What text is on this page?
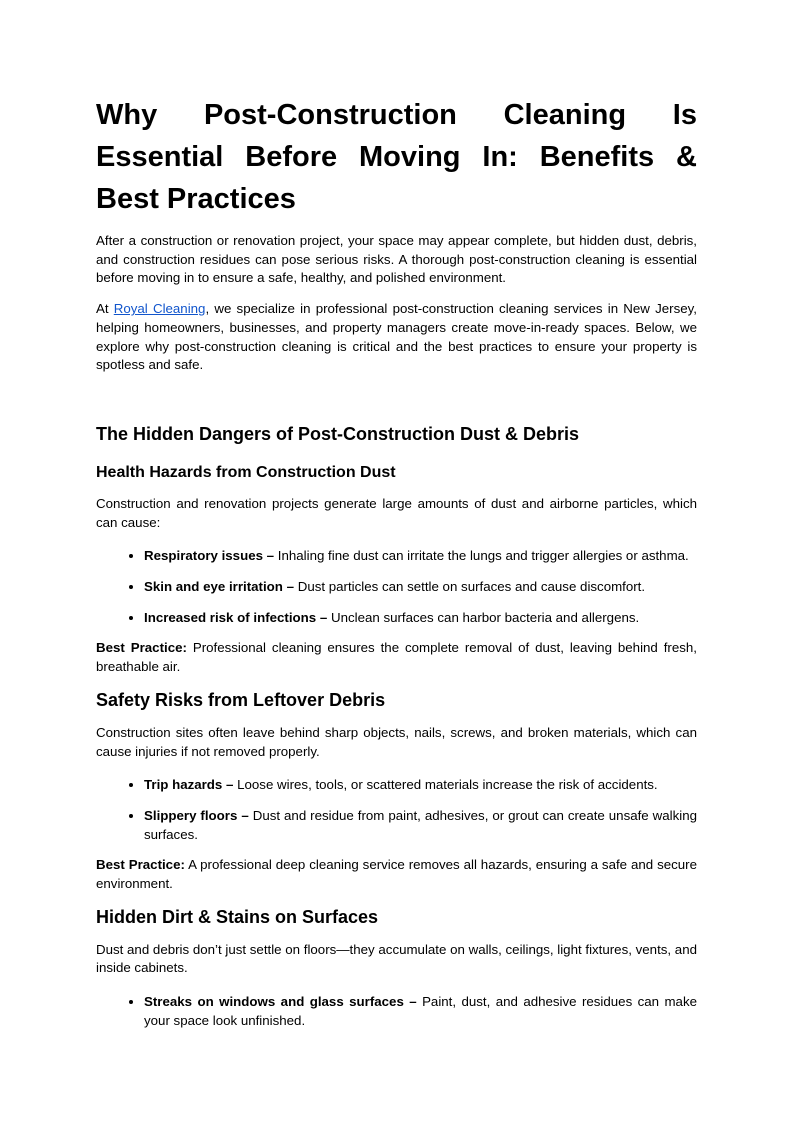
Why Post-Construction Cleaning Is Essential Before Moving In: Benefits & Best Practices

After a construction or renovation project, your space may appear complete, but hidden dust, debris, and construction residues can pose serious risks. A thorough post-construction cleaning is essential before moving in to ensure a safe, healthy, and polished environment.

At Royal Cleaning, we specialize in professional post-construction cleaning services in New Jersey, helping homeowners, businesses, and property managers create move-in-ready spaces. Below, we explore why post-construction cleaning is critical and the best practices to ensure your property is spotless and safe.

The Hidden Dangers of Post-Construction Dust & Debris
Health Hazards from Construction Dust

Construction and renovation projects generate large amounts of dust and airborne particles, which can cause:

• Respiratory issues – Inhaling fine dust can irritate the lungs and trigger allergies or asthma.
• Skin and eye irritation – Dust particles can settle on surfaces and cause discomfort.
• Increased risk of infections – Unclean surfaces can harbor bacteria and allergens.

Best Practice: Professional cleaning ensures the complete removal of dust, leaving behind fresh, breathable air.

Safety Risks from Leftover Debris

Construction sites often leave behind sharp objects, nails, screws, and broken materials, which can cause injuries if not removed properly.

• Trip hazards – Loose wires, tools, or scattered materials increase the risk of accidents.
• Slippery floors – Dust and residue from paint, adhesives, or grout can create unsafe walking surfaces.

Best Practice: A professional deep cleaning service removes all hazards, ensuring a safe and secure environment.

Hidden Dirt & Stains on Surfaces

Dust and debris don’t just settle on floors—they accumulate on walls, ceilings, light fixtures, vents, and inside cabinets.

• Streaks on windows and glass surfaces – Paint, dust, and adhesive residues can make your space look unfinished.
